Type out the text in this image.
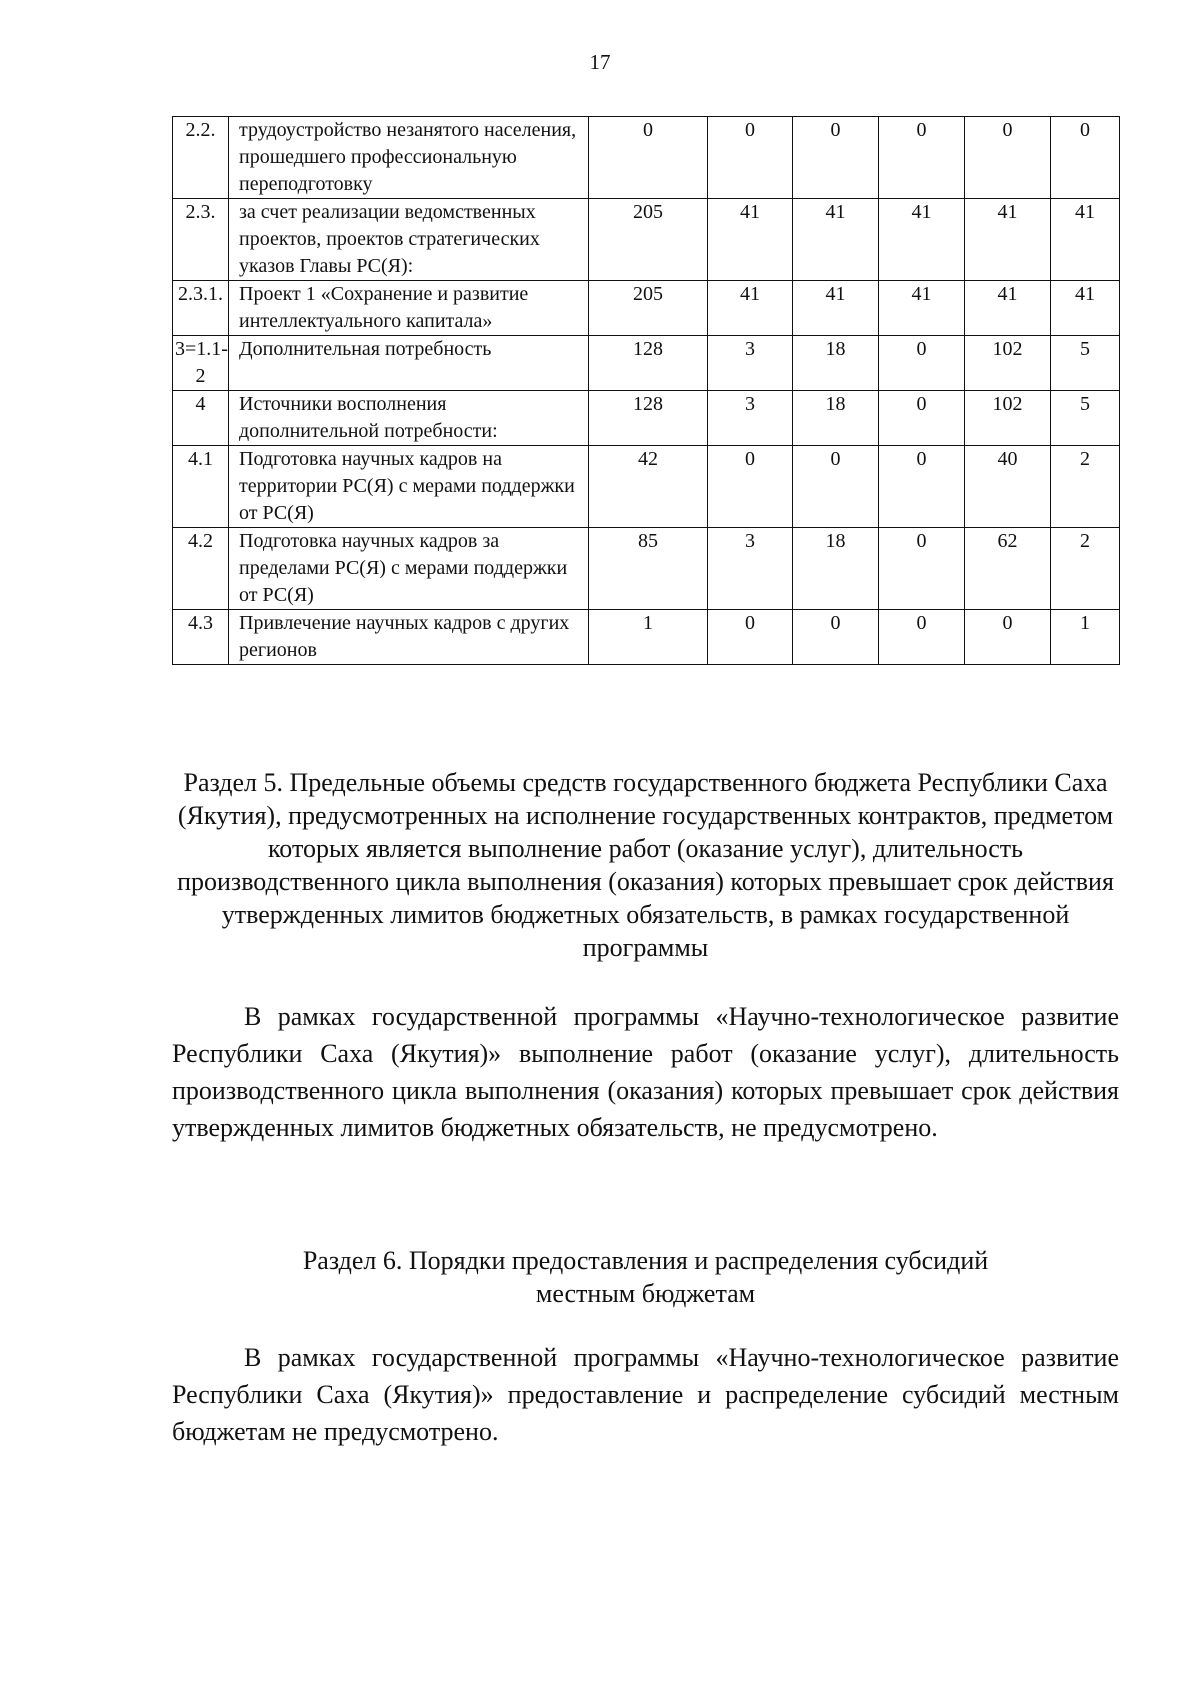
17
2.2.	трудоустройство незанятого населения, прошедшего профессиональную переподготовку	0	0	0	0	0	0
2.3.	за счет реализации ведомственных проектов, проектов стратегических указов Главы РС(Я):	205	41	41	41	41	41
2.3.1.	Проект 1 «Сохранение и развитие интеллектуального капитала»	205	41	41	41	41	41
3=1.1-2	Дополнительная потребность	128	3	18	0	102	5
4	Источники восполнения дополнительной потребности:	128	3	18	0	102	5
4.1	Подготовка научных кадров на территории РС(Я) с мерами поддержки от РС(Я)	42	0	0	0	40	2
4.2	Подготовка научных кадров за пределами РС(Я) с мерами поддержки от РС(Я)	85	3	18	0	62	2
4.3	Привлечение научных кадров с других регионов	1	0	0	0	0	1
Раздел 5. Предельные объемы средств государственного бюджета Республики Саха (Якутия), предусмотренных на исполнение государственных контрактов, предметом которых является выполнение работ (оказание услуг), длительность производственного цикла выполнения (оказания) которых превышает срок действия утвержденных лимитов бюджетных обязательств, в рамках государственной программы
В рамках государственной программы «Научно-технологическое развитие Республики Саха (Якутия)» выполнение работ (оказание услуг), длительность производственного цикла выполнения (оказания) которых превышает срок действия утвержденных лимитов бюджетных обязательств, не предусмотрено.
Раздел 6. Порядки предоставления и распределения субсидий местным бюджетам
В рамках государственной программы «Научно-технологическое развитие Республики Саха (Якутия)» предоставление и распределение субсидий местным бюджетам не предусмотрено.
